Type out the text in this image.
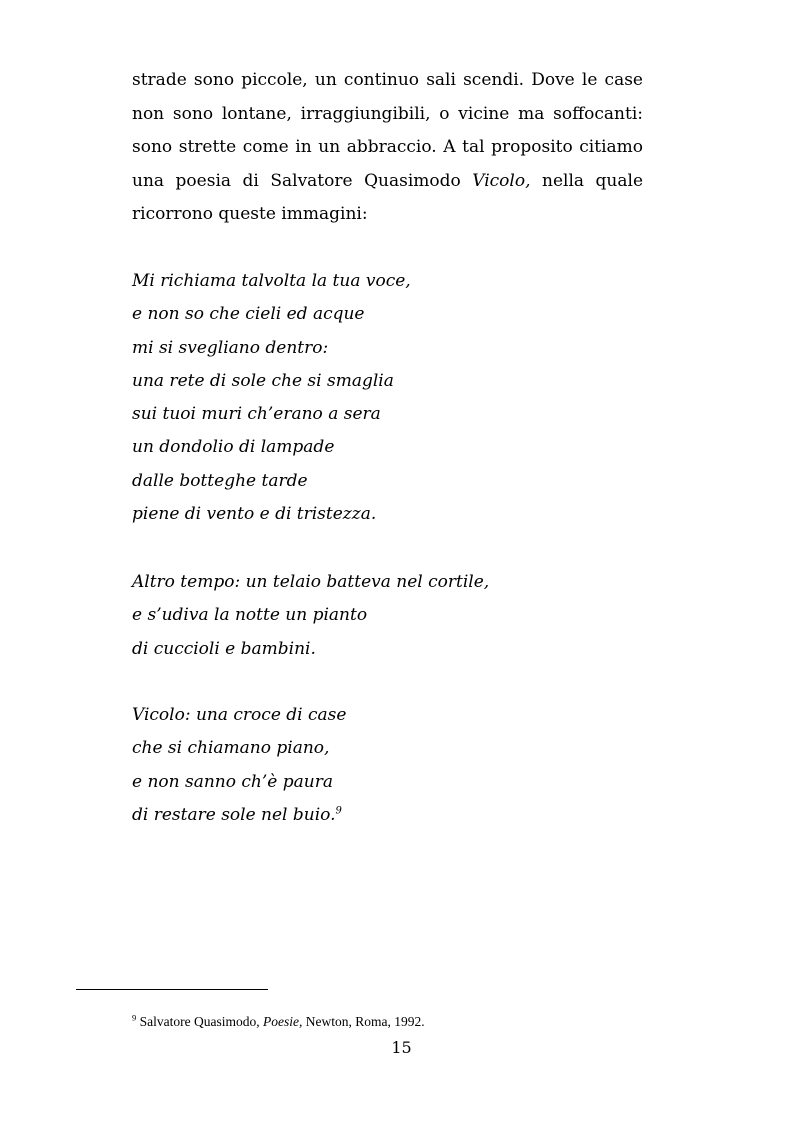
strade sono piccole, un continuo sali scendi. Dove le case
non sono lontane, irraggiungibili, o vicine ma soffocanti:
sono strette come in un abbraccio. A tal proposito citiamo
una poesia di Salvatore Quasimodo Vicolo, nella quale
ricorrono queste immagini:
Mi richiama talvolta la tua voce,
e non so che cieli ed acque
mi si svegliano dentro:
una rete di sole che si smaglia
sui tuoi muri ch’erano a sera
un dondolio di lampade
dalle botteghe tarde
piene di vento e di tristezza.
Altro tempo: un telaio batteva nel cortile,
e s’udiva la notte un pianto
di cuccioli e bambini.
Vicolo: una croce di case
che si chiamano piano,
e non sanno ch’è paura
di restare sole nel buio.$^9$
$^9$ Salvatore Quasimodo, Poesie, Newton, Roma, 1992.
15
